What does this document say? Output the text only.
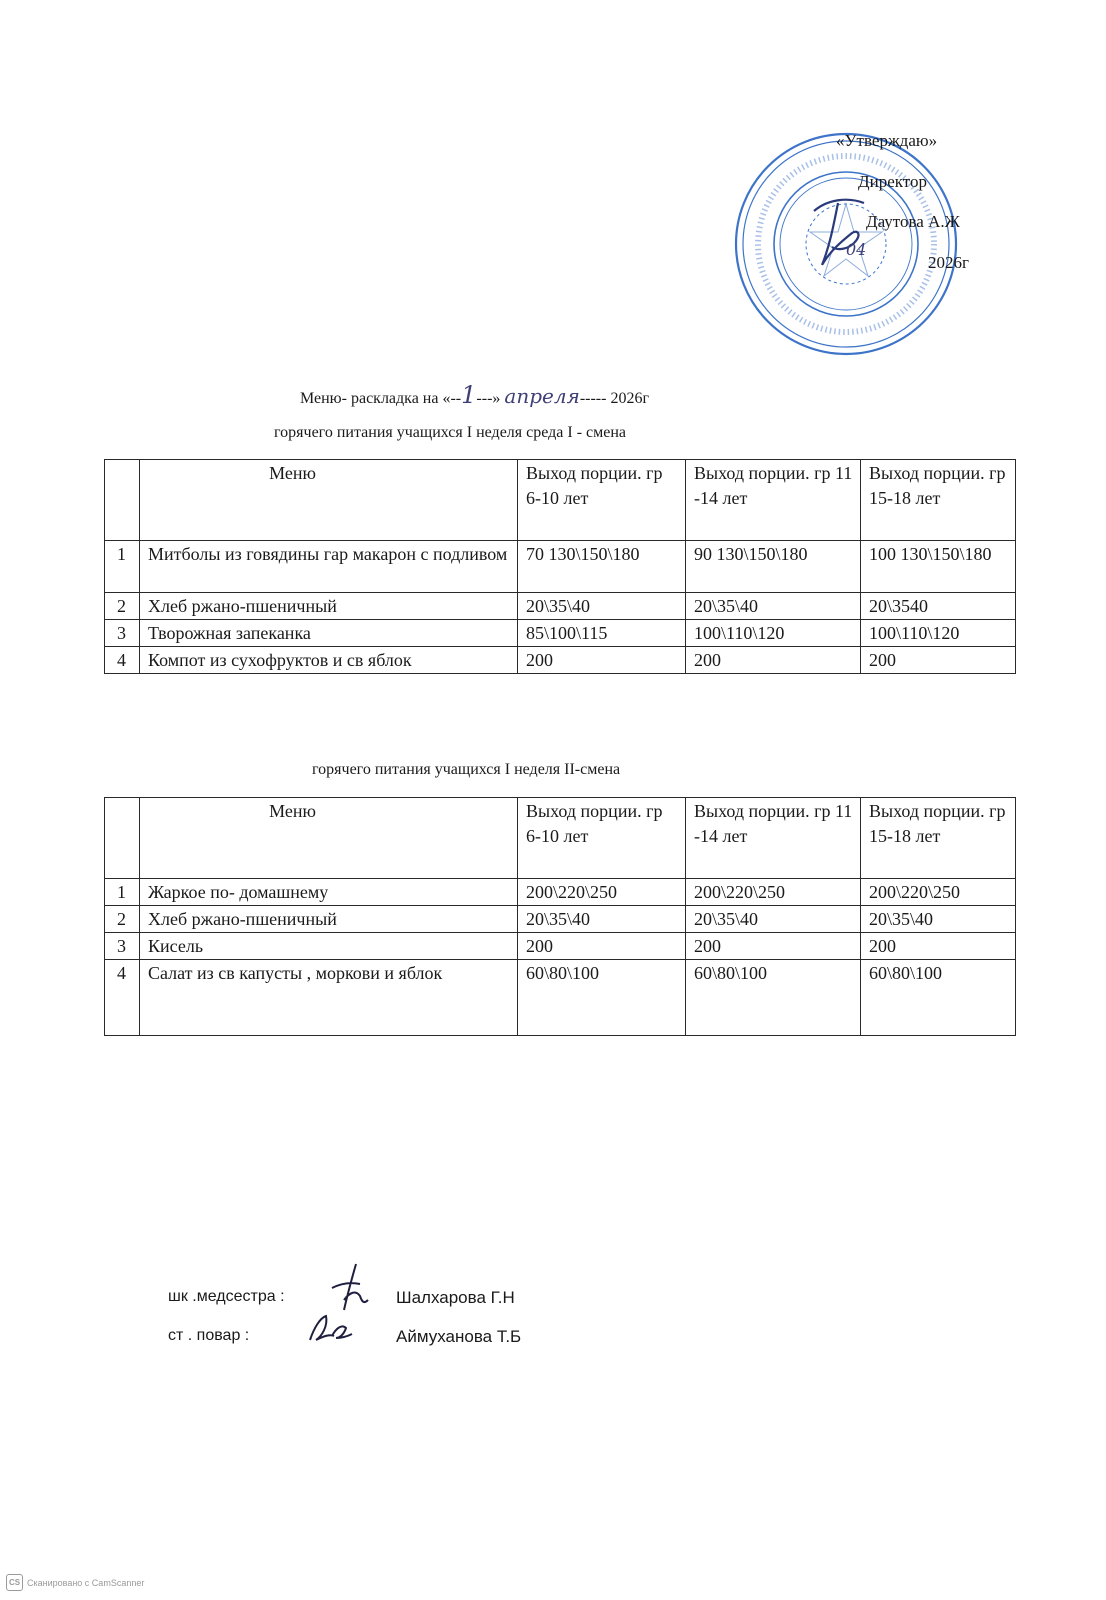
«Утверждаю»
Директор
Даутова А.Ж
04
2026г
Меню- раскладка на «--1---» апреля----- 2026г
горячего питания учащихся I неделя среда I - смена
	Меню	Выход порции. гр 6-10 лет	Выход порции. гр 11 -14 лет	Выход порции. гр 15-18 лет
1	Митболы из говядины гар макарон с подливом	70 130\150\180	90 130\150\180	100 130\150\180
2	Хлеб ржано-пшеничный	20\35\40	20\35\40	20\3540
3	Творожная запеканка	85\100\115	100\110\120	100\110\120
4	Компот из сухофруктов и св яблок	200	200	200
горячего питания учащихся I неделя II-смена
	Меню	Выход порции. гр 6-10 лет	Выход порции. гр 11 -14 лет	Выход порции. гр 15-18 лет
1	Жаркое по- домашнему	200\220\250	200\220\250	200\220\250
2	Хлеб ржано-пшеничный	20\35\40	20\35\40	20\35\40
3	Кисель	200	200	200
4	Салат из св капусты , моркови и яблок	60\80\100	60\80\100	60\80\100
шк .медсестра :	Шалхарова Г.Н
ст . повар :	Аймуханова Т.Б
CS Сканировано с CamScanner
